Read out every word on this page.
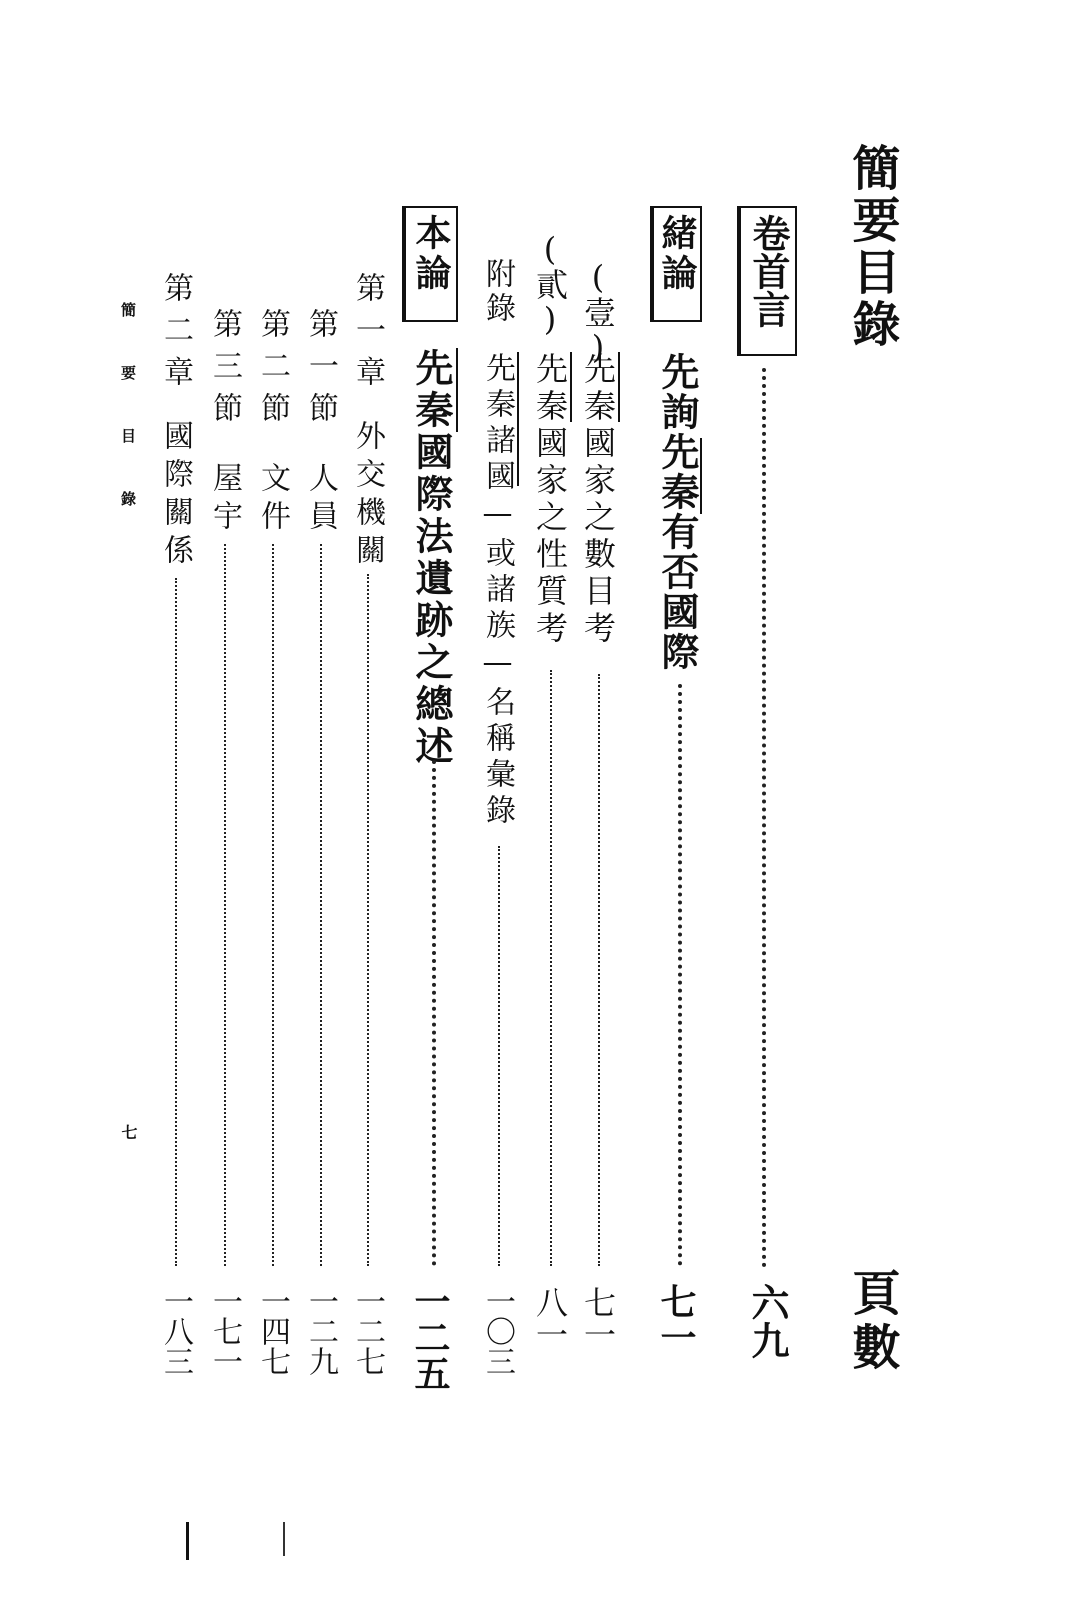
簡要目錄
頁數
卷首言
六九
緒論
先詢先秦有否國際
七一
(壹)
先秦國家之數目考
七一
(貳)
先秦國家之性質考
八一
附錄
先秦諸國—或諸族—名稱彙錄
一〇三
本論
先秦國際法遺跡之總述
一二五
第一章
外交機關
一二七
第一節
人員
一二九
第二節
文件
一四七
第三節
屋宇
一七一
第二章
國際關係
一八三
簡要目錄
七
